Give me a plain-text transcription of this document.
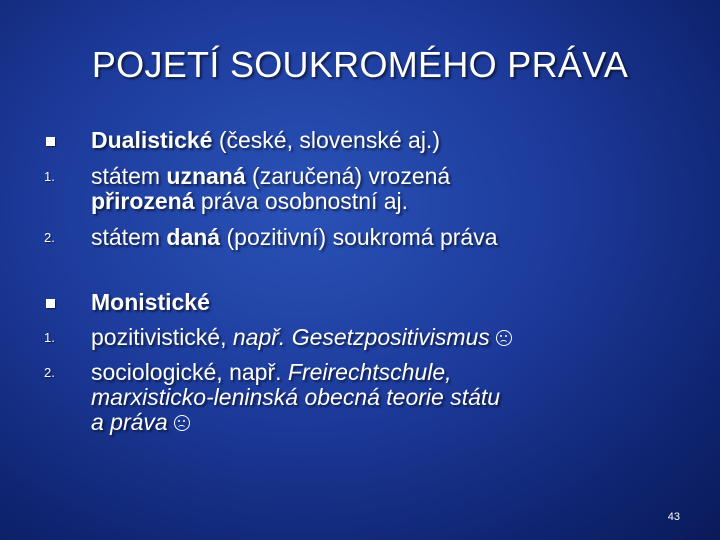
POJETÍ SOUKROMÉHO PRÁVA
Dualistické (české, slovenské aj.)
1. státem uznaná (zaručená) vrozená
přirozená práva osobnostní aj.
2. státem daná (pozitivní) soukromá práva
Monistické
1. pozitivistické, např. Gesetzpositivismus
2. sociologické, např. Freirechtschule,
marxisticko-leninská obecná teorie státu
a práva
43
